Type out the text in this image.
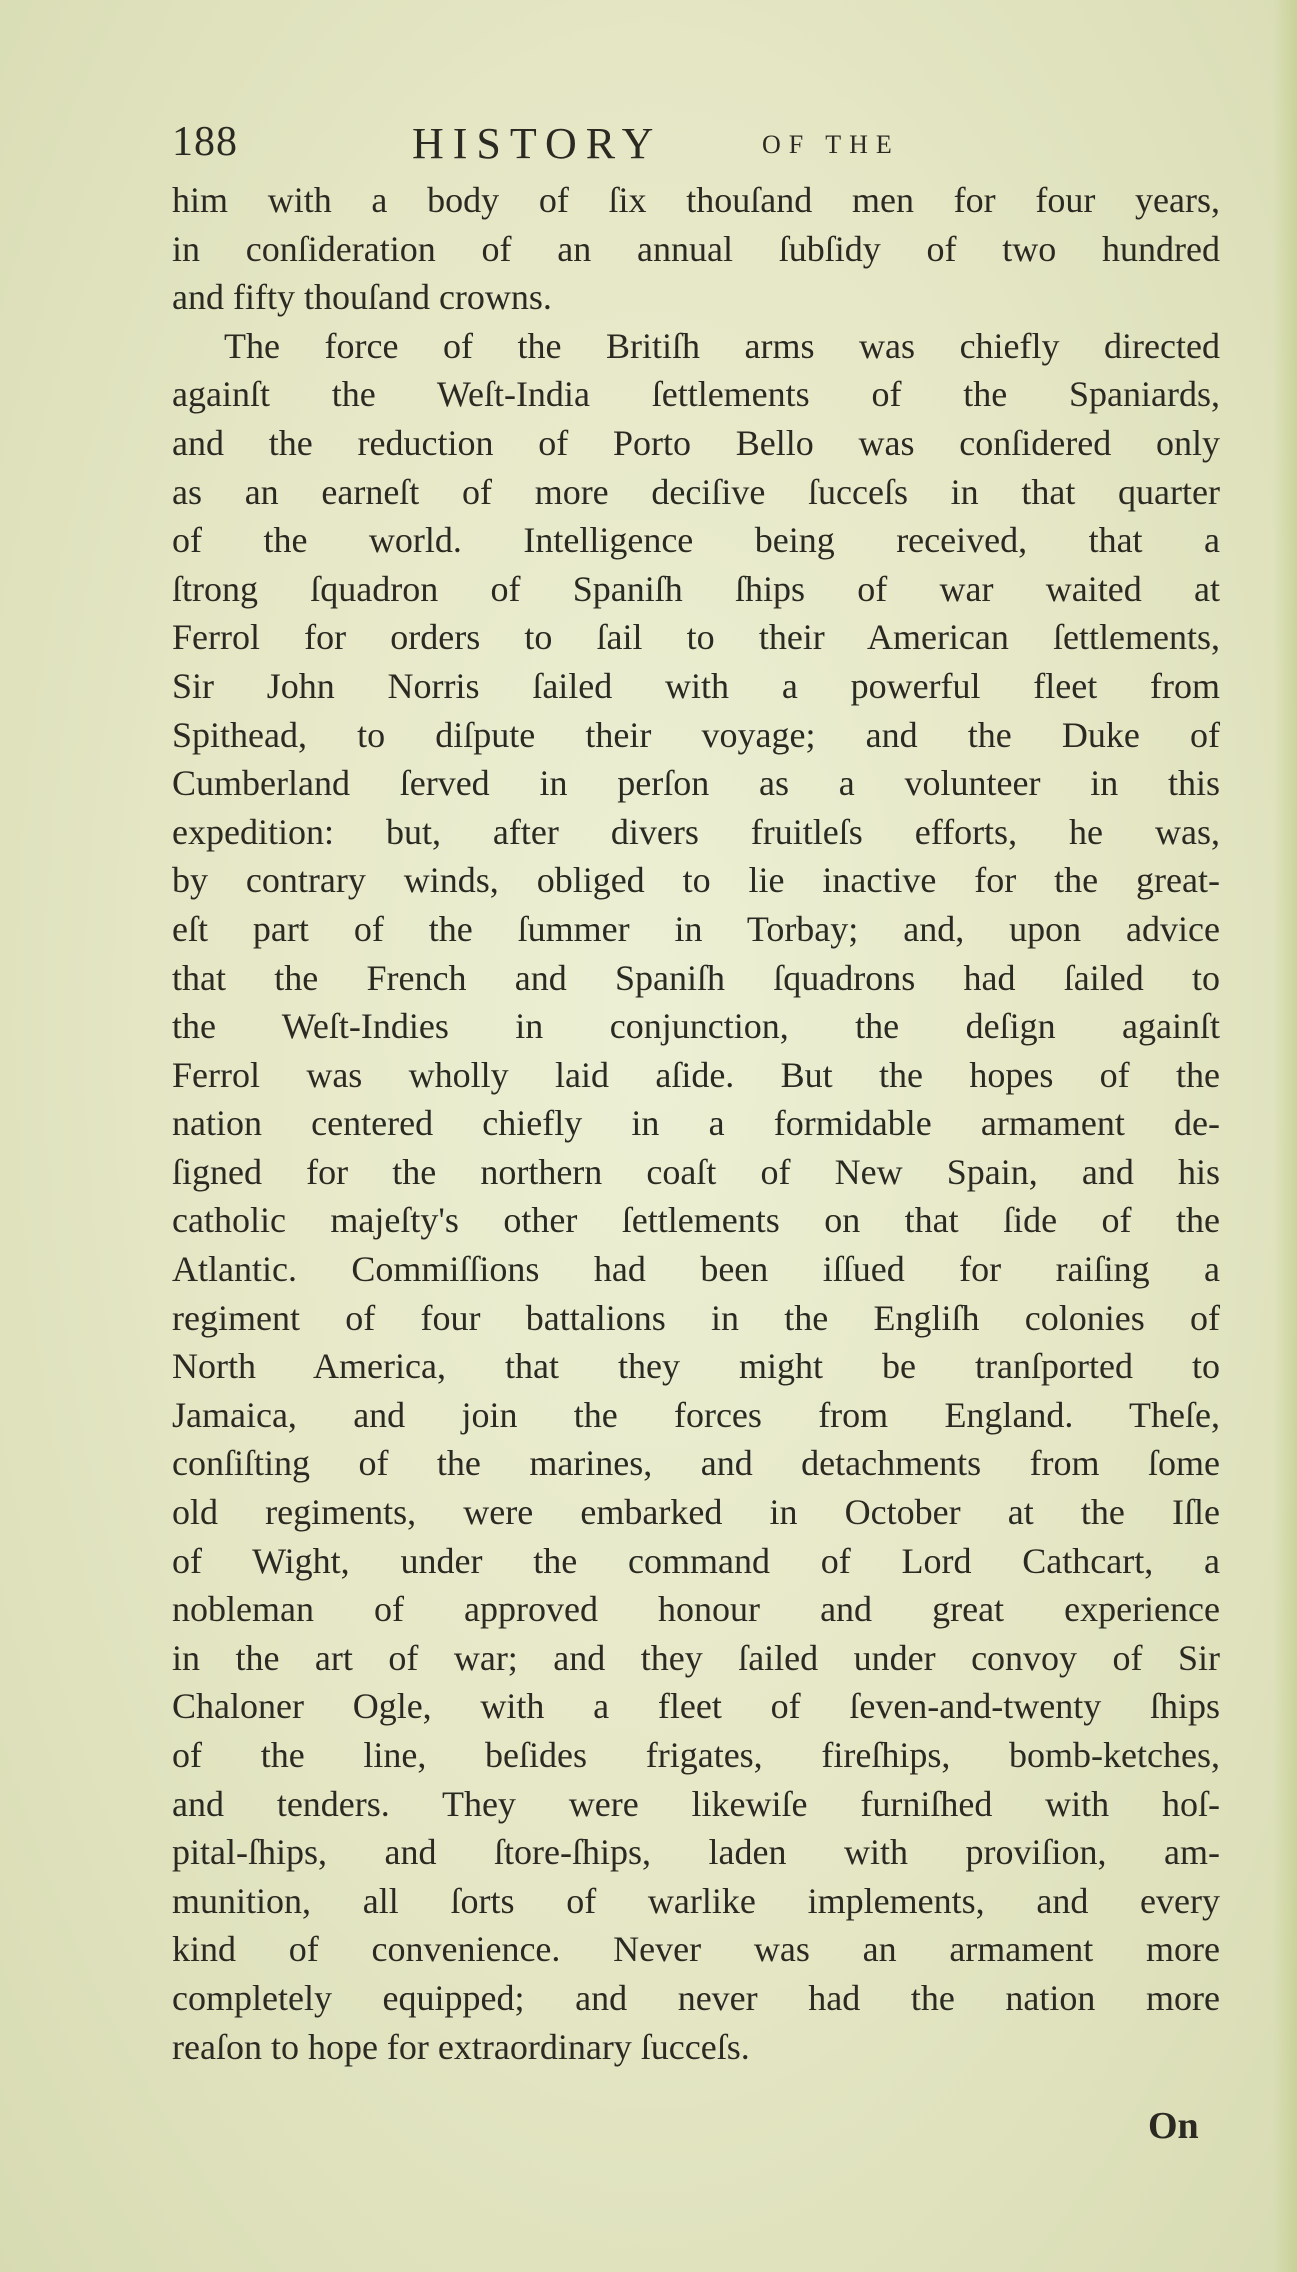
188	HISTORY	OF THE
him with a body of ſix thouſand men for four years,
in conſideration of an annual ſubſidy of two hundred
and fifty thouſand crowns.
The force of the Britiſh arms was chiefly directed
againſt the Weſt-India ſettlements of the Spaniards,
and the reduction of Porto Bello was conſidered only
as an earneſt of more deciſive ſucceſs in that quarter
of the world. Intelligence being received, that a
ſtrong ſquadron of Spaniſh ſhips of war waited at
Ferrol for orders to ſail to their American ſettlements,
Sir John Norris ſailed with a powerful fleet from
Spithead, to diſpute their voyage; and the Duke of
Cumberland ſerved in perſon as a volunteer in this
expedition: but, after divers fruitleſs efforts, he was,
by contrary winds, obliged to lie inactive for the great-
eſt part of the ſummer in Torbay; and, upon advice
that the French and Spaniſh ſquadrons had ſailed to
the Weſt-Indies in conjunction, the deſign againſt
Ferrol was wholly laid aſide. But the hopes of the
nation centered chiefly in a formidable armament de-
ſigned for the northern coaſt of New Spain, and his
catholic majeſty's other ſettlements on that ſide of the
Atlantic. Commiſſions had been iſſued for raiſing a
regiment of four battalions in the Engliſh colonies of
North America, that they might be tranſported to
Jamaica, and join the forces from England. Theſe,
conſiſting of the marines, and detachments from ſome
old regiments, were embarked in October at the Iſle
of Wight, under the command of Lord Cathcart, a
nobleman of approved honour and great experience
in the art of war; and they ſailed under convoy of Sir
Chaloner Ogle, with a fleet of ſeven-and-twenty ſhips
of the line, beſides frigates, fireſhips, bomb-ketches,
and tenders. They were likewiſe furniſhed with hoſ-
pital-ſhips, and ſtore-ſhips, laden with proviſion, am-
munition, all ſorts of warlike implements, and every
kind of convenience. Never was an armament more
completely equipped; and never had the nation more
reaſon to hope for extraordinary ſucceſs.
On
